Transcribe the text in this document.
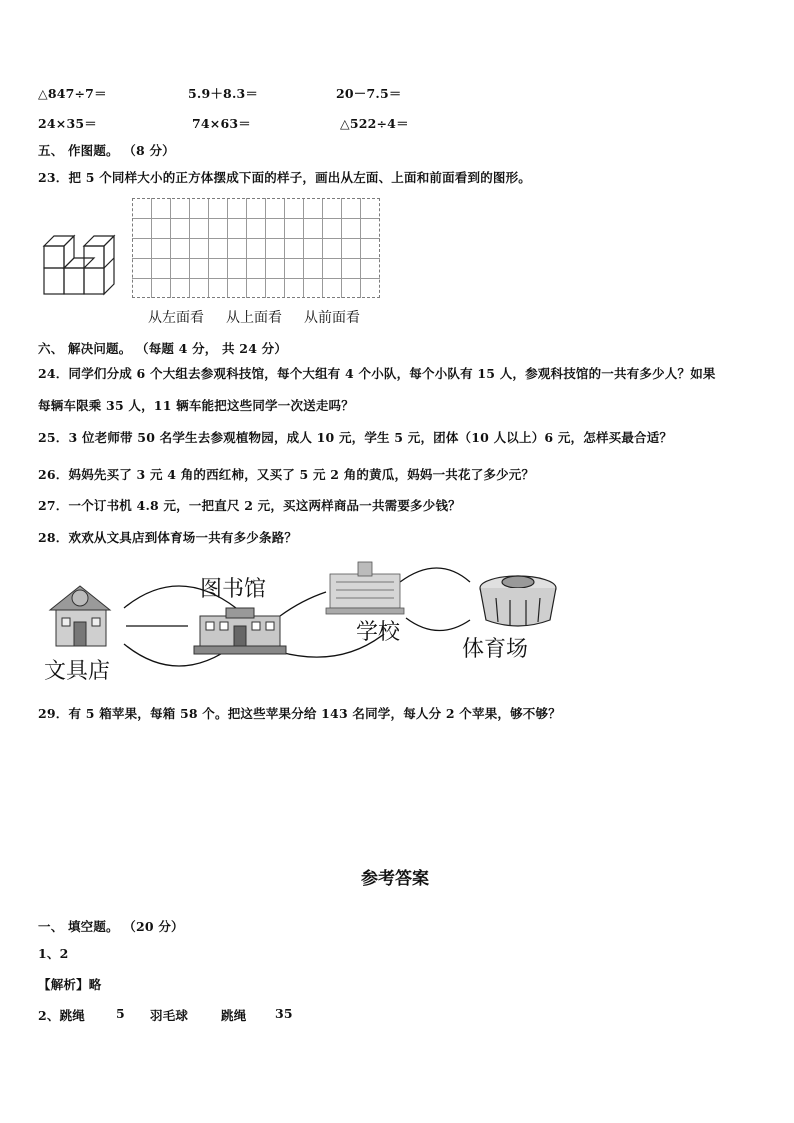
△847÷7＝	5.9＋8.3＝	20－7.5＝
24×35＝	74×63＝	△522÷4＝
五、 作图题。 （8 分）
23．把 5 个同样大小的正方体摆成下面的样子，画出从左面、上面和前面看到的图形。
从左面看 从上面看 从前面看
六、 解决问题。 （每题 4 分， 共 24 分）
24．同学们分成 6 个大组去参观科技馆，每个大组有 4 个小队，每个小队有 15 人，参观科技馆的一共有多少人？如果
每辆车限乘 35 人，11 辆车能把这些同学一次送走吗？
25．3 位老师带 50 名学生去参观植物园，成人 10 元，学生 5 元，团体（10 人以上）6 元，怎样买最合适？
26．妈妈先买了 3 元 4 角的西红柿，又买了 5 元 2 角的黄瓜，妈妈一共花了多少元？
27．一个订书机 4.8 元，一把直尺 2 元，买这两样商品一共需要多少钱？
28．欢欢从文具店到体育场一共有多少条路？
图书馆
学校
体育场
文具店
29．有 5 箱苹果，每箱 58 个。把这些苹果分给 143 名同学，每人分 2 个苹果，够不够？
参考答案
一、 填空题。 （20 分）
1、2
【解析】略
2、跳绳 5 羽毛球	跳绳 35
